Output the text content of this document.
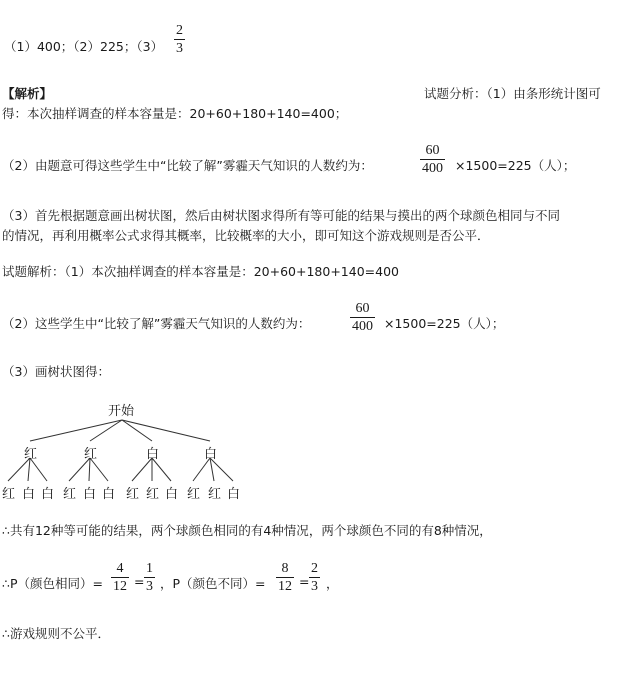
（1）400；（2）225；$(3) \frac{2}{3}$
【解析】	试题分析：（1）由条形统计图可
得：本次抽样调查的样本容量是：20+60+180+140=400；
（2）由题意可得这些学生中“比较了解”雾霾天气知识的人数约为：	$\frac{60}{400} \times 1500=225$（人）；
（3）首先根据题意画出树状图，然后由树状图求得所有等可能的结果与摸出的两个球颜色相同与不同
的情况，再利用概率公式求得其概率，比较概率的大小，即可知这个游戏规则是否公平．
试题解析：（1）本次抽样调查的样本容量是：20+60+180+140=400
（2）这些学生中“比较了解”雾霾天气知识的人数约为：	$\frac{60}{400} \times 1500=225$（人）；
（3）画树状图得：
开始
红	红	白	白
红 白 白 红 白 白 红 红 白 红 红 白
∴共有12种等可能的结果，两个球颜色相同的有4种情况，两个球颜色不同的有8种情况，
∴P（颜色相同）= $\frac{4}{12} = \frac{1}{3}$ ，P（颜色不同）= $\frac{8}{12} = \frac{2}{3}$ ，
∴游戏规则不公平．
